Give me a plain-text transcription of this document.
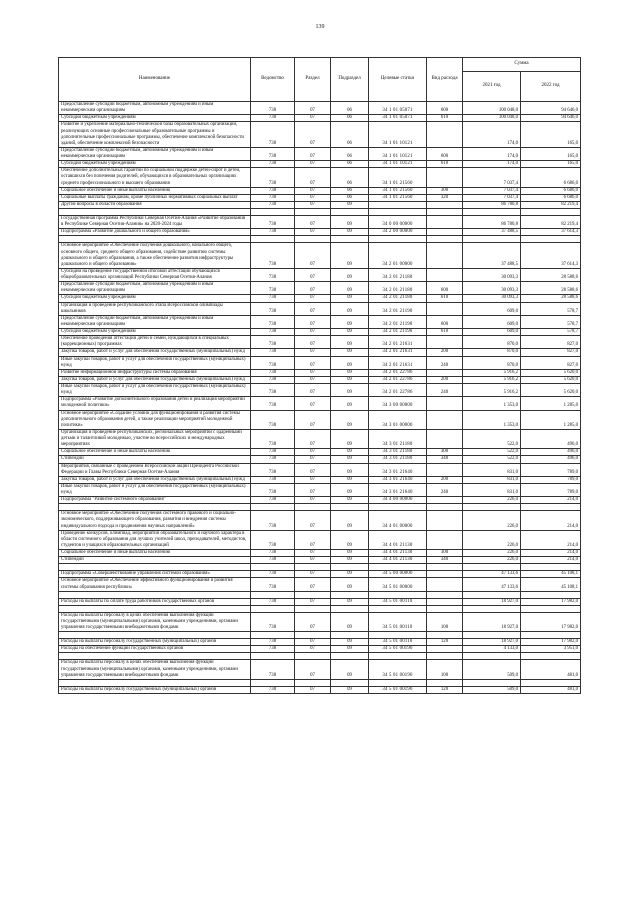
139
Наименование	Ведомство	Раздел	Подраздел	Целевые статьи	Вид расхода	Сумма	
						2021 год	2022 год
Предоставление субсидий бюджетным, автономным учреждениям и иным некоммерческим организациям	738	07	06	34 1 01 05071	600	100 048,0	94 646,0
Субсидии бюджетным учреждениям	738	07	06	34 1 01 05071	610	100 048,0	94 646,0
Развитие и укрепление материально-технической базы образовательных организаций, реализующих основные профессиональные образовательные программы и дополнительные профессиональные программы, обеспечение комплексной безопасности зданий, обеспечение комплексной безопасности	738	07	06	34 1 01 10121		174,0	165,0
Предоставление субсидий бюджетным, автономным учреждениям и иным некоммерческим организациям	738	07	06	34 1 01 10121	600	174,0	165,0
Субсидии бюджетным учреждениям	738	07	06	34 1 01 10121	610	174,0	165,0
Обеспечение дополнительных гарантий по социальной поддержке детей-сирот и детей, оставшихся без попечения родителей, обучающихся в образовательных организациях среднего профессионального и высшего образования	738	07	06	34 1 01 21560		7 037,4	6 686,0
Социальное обеспечение и иные выплаты населению	738	07	06	34 1 01 21560	300	7 037,4	6 686,0
Социальные выплаты гражданам, кроме публичных нормативных социальных выплат	738	07	06	34 1 01 21560	320	7 037,4	6 686,0
Другие вопросы в области образования	738	07	09			86 780,8	82 219,4

Государственная программа Республики Северная Осетия-Алания «Развитие образования в Республике Северная Осетия-Алания» на 2020-2024 годы	738	07	09	34 0 00 00000		86 780,8	82 219,4
Подпрограмма «Развитие дошкольного и общего образования»	738	07	09	34 2 00 00000		37 488,5	37 614,3

Основное мероприятие «Обеспечение получения дошкольного, начального общего, основного общего, среднего общего образования, содействие развитию системы дошкольного и общего образования, а также обеспечение развития инфраструктуры дошкольного и общего образования»	738	07	09	34 2 01 00000		37 488,5	37 614,3
Субсидии на проведение государственной итоговой аттестации обучающихся общеобразовательных организаций Республики Северная Осетия-Алания	738	07	09	34 2 01 21180		30 093,3	28 588,6
Предоставление субсидий бюджетным, автономным учреждениям и иным некоммерческим организациям	738	07	09	34 2 01 21180	600	30 093,3	28 588,6
Субсидии бюджетным учреждениям	738	07	09	34 2 01 21180	610	30 093,3	28 588,6
Организация и проведение республиканского этапа Всероссийской олимпиады школьников	738	07	09	34 2 01 21190		609,0	578,7
Предоставление субсидий бюджетным, автономным учреждениям и иным некоммерческим организациям	738	07	09	34 2 01 21190	600	609,0	578,7
Субсидии бюджетным учреждениям	738	07	09	34 2 01 21190	610	609,0	578,7
Обеспечение проведения аттестации детей и семей, нуждающихся в специальных (коррекционных) программах	738	07	09	34 2 01 21631		870,0	827,0
Закупка товаров, работ и услуг для обеспечения государственных (муниципальных) нужд	738	07	09	34 2 01 21631	200	870,0	827,0
Иные закупки товаров, работ и услуг для обеспечения государственных (муниципальных) нужд	738	07	09	34 2 01 21631	240	870,0	827,0
Развитие информационной инфраструктуры системы образования	738	07	09	34 2 01 22786		5 916,2	5 620,0
Закупка товаров, работ и услуг для обеспечения государственных (муниципальных) нужд	738	07	09	34 2 01 22786	200	5 916,2	5 620,0
Иные закупки товаров, работ и услуг для обеспечения государственных (муниципальных) нужд	738	07	09	34 2 01 22786	240	5 916,2	5 620,0
Подпрограмма «Развитие дополнительного образования детей и реализация мероприятий молодежной политики»	738	07	09	34 3 00 00000		1 353,0	1 285,0
Основное мероприятие «Создание условий для функционирования и развития системы дополнительного образования детей, а также реализации мероприятий молодежной политики»	738	07	09	34 3 01 00000		1 353,0	1 285,0
Организация и проведение республиканских, региональных мероприятий с одаренными детьми и талантливой молодежью, участие во всероссийских и международных мероприятиях	738	07	09	34 3 01 21180		522,0	496,0
Социальное обеспечение и иные выплаты населению	738	07	09	34 3 01 21180	300	522,0	496,0
Стипендии	738	07	09	34 3 01 21180	340	522,0	496,0
Мероприятия, связанные с проведением Всероссийской акции Президента Российской Федерации и Главы Республики Северная Осетия-Алания	738	07	09	34 3 01 21640		831,0	789,0
Закупка товаров, работ и услуг для обеспечения государственных (муниципальных) нужд	738	07	09	34 3 01 21640	200	831,0	789,0
Иные закупки товаров, работ и услуг для обеспечения государственных (муниципальных) нужд	738	07	09	34 3 01 21640	240	831,0	789,0
Подпрограмма "Развитие системного образования"	738	07	09	34 4 00 00000		226,0	214,0

Основное мероприятие «Обеспечение получения системного правового и социально-экономического, поддерживающего образования, развития и внедрения системы индивидуального подхода и продвижения научных направлений»	738	07	09	34 4 01 00000		226,0	214,0
Проведение конкурсов, олимпиад, мероприятий образовательного и научного характера в области системного образования для лучших учителей школ, преподавателей, методистов, студентов и учащихся образовательных организаций	738	07	09	34 4 01 21130		226,0	214,0
Социальное обеспечение и иные выплаты населению	738	07	09	34 4 01 21130	300	226,0	214,0
Стипендии	738	07	09	34 4 01 21130	340	226,0	214,0

Подпрограмма «Совершенствование управления системой образования»	738	07	09	34 5 00 00000		47 133,6	45 108,1
Основное мероприятие «Обеспечение эффективного функционирования и развития системы образования республики»	738	07	09	34 5 01 00000		47 133,6	45 108,1

Расходы на выплаты по оплате труда работников государственных органов	738	07	09	34 5 01 00110		18 927,0	17 982,0

Расходы на выплаты персоналу в целях обеспечения выполнения функций государственными (муниципальными) органами, казенными учреждениями, органами управления государственными внебюджетными фондами	738	07	09	34 5 01 00110	100	18 927,0	17 982,0

Расходы на выплаты персоналу государственных (муниципальных) органов	738	07	09	34 5 01 00110	120	18 927,0	17 982,0
Расходы на обеспечение функций государственных органов	738	07	09	34 5 01 00190		4 133,0	3 951,0

Расходы на выплаты персоналу в целях обеспечения выполнения функций государственными (муниципальными) органами, казенными учреждениями, органами управления государственными внебюджетными фондами	738	07	09	34 5 01 00190	100	509,0	481,0

Расходы на выплаты персоналу государственных (муниципальных) органов	738	07	09	34 5 01 00190	120	509,0	481,0
